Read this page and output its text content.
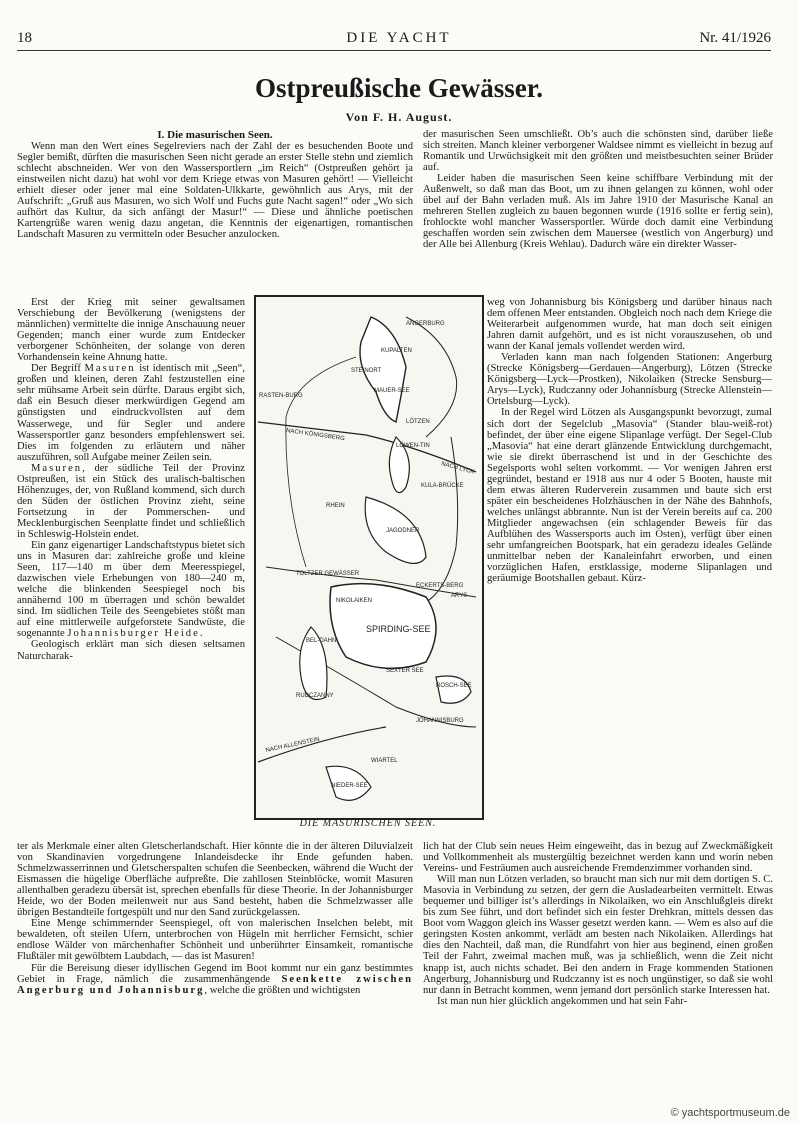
18	DIE YACHT	Nr. 41/1926
Ostpreußische Gewässer.
Von F. H. August.
I. Die masurischen Seen.

Wenn man den Wert eines Segelreviers nach der Zahl der es besuchenden Boote und Segler bemißt, dürften die masurischen Seen nicht gerade an erster Stelle stehn und ziemlich schlecht abschneiden. Wer von den Wassersportlern „im Reich“ (Ostpreußen gehört ja einstweilen nicht dazu) hat wohl vor dem Kriege etwas von Masuren gehört! — Vielleicht erhielt dieser oder jener mal eine Soldaten-Ulkkarte, gewöhnlich aus Arys, mit der Aufschrift: „Gruß aus Masuren, wo sich Wolf und Fuchs gute Nacht sagen!“ oder „Wo sich aufhört das Kultur, da sich anfängt der Masur!“ — Diese und ähnliche poetischen Kartengrüße waren wenig dazu angetan, die Kenntnis der eigenartigen, romantischen Landschaft Masuren zu vermitteln oder Besucher anzulocken.

der masurischen Seen umschließt. Ob’s auch die schönsten sind, darüber ließe sich streiten. Manch kleiner verborgener Waldsee nimmt es vielleicht in bezug auf Romantik und Urwüchsigkeit mit den größten und meistbesuchten seiner Brüder auf.

Leider haben die masurischen Seen keine schiffbare Verbindung mit der Außenwelt, so daß man das Boot, um zu ihnen gelangen zu können, wohl oder übel auf der Bahn verladen muß. Als im Jahre 1910 der Masurische Kanal an mehreren Stellen zugleich zu bauen begonnen wurde (1916 sollte er fertig sein), frohlockte wohl mancher Wassersportler. Würde doch damit eine Verbindung geschaffen worden sein zwischen dem Mauersee (westlich von Angerburg) und der Alle bei Allenburg (Kreis Wehlau). Dadurch wäre ein direkter Wasser-

Erst der Krieg mit seiner gewaltsamen Verschiebung der Bevölkerung (wenigstens der männlichen) vermittelte die innige Anschauung neuer Gegenden; manch einer wurde zum Entdecker verborgener Schönheiten, der solange von deren Vorhandensein keine Ahnung hatte.

Der Begriff Masuren ist identisch mit „Seen“, großen und kleinen, deren Zahl festzustellen eine sehr mühsame Arbeit sein dürfte. Daraus ergibt sich, daß ein Besuch dieser merkwürdigen Gegend am günstigsten und eindruckvollsten auf dem Wasserwege, und für Segler und andere Wassersportler ganz besonders empfehlenswert sei. Dies im folgenden zu erläutern und näher auszuführen, soll Aufgabe meiner Zeilen sein.

Masuren, der südliche Teil der Provinz Ostpreußen, ist ein Stück des uralisch-baltischen Höhenzuges, der, von Rußland kommend, sich durch den Süden der östlichen Provinz zieht, seine Fortsetzung in der Pommerschen- und Mecklenburgischen Seenplatte findet und schließlich in Schleswig-Holstein endet.

Ein ganz eigenartiger Landschaftstypus bietet sich uns in Masuren dar: zahlreiche große und kleine Seen, 117—140 m über dem Meeresspiegel, dazwischen viele Erhebungen von 180—240 m, welche die blinkenden Seespiegel noch bis annähernd 100 m überragen und schön bewaldet sind. Im südlichen Teile des Seengebietes stößt man auf eine mittlerweile aufgeforstete Sandwüste, die sogenannte Johannisburger Heide.

Geologisch erklärt man sich diesen seltsamen Naturcharak-

ANGERBURG
RASTEN-BURG
NACH KÖNIGSBERG
LÖTZEN
NACH LYCK
MAUER-SEE
STEINORT
KUPALTEN
LÖWEN-TIN
KULA-BRÜCKE
RHEIN
JAGODNER
TOLTZER GEWÄSSER
NIKOLAIKEN
ECKERTS-BERG
ARYS
SPIRDING-SEE
BEL-DAHN
SEXTER SEE
RUDCZANNY
ROSCH-SEE
JOHANNISBURG
NACH ALLENSTEIN
WIARTEL
NIEDER-SEE
DIE MASURISCHEN SEEN.

weg von Johannisburg bis Königsberg und darüber hinaus nach dem offenen Meer entstanden. Obgleich noch nach dem Kriege die Weiterarbeit aufgenommen wurde, hat man doch seit einigen Jahren damit aufgehört, und es ist nicht vorauszusehen, ob und wann der Kanal jemals vollendet werden wird.

Verladen kann man nach folgenden Stationen: Angerburg (Strecke Königsberg—Gerdauen—Angerburg), Lötzen (Strecke Königsberg—Lyck—Prostken), Nikolaiken (Strecke Sensburg—Arys—Lyck), Rudczanny oder Johannisburg (Strecke Allenstein—Ortelsburg—Lyck).

In der Regel wird Lötzen als Ausgangspunkt bevorzugt, zumal sich dort der Segelclub „Masovia“ (Stander blau-weiß-rot) befindet, der über eine eigene Slipanlage verfügt. Der Segel-Club „Masovia“ hat eine derart glänzende Entwicklung durchgemacht, wie sie direkt überraschend ist und in der Geschichte des Segelsports wohl selten vorkommt. — Vor wenigen Jahren erst gegründet, bestand er 1918 aus nur 4 oder 5 Booten, hauste mit dem etwas älteren Ruderverein zusammen und baute sich erst später ein bescheidenes Holzhäuschen in der Nähe des Bahnhofs, welches unlängst abbrannte. Nun ist der Verein bereits auf ca. 200 Mitglieder angewachsen (ein schlagender Beweis für das Aufblühen des Wassersports auch im Osten), verfügt über einen sehr umfangreichen Bootspark, hat ein geradezu ideales Gelände unmittelbar neben der Kanaleinfahrt erworben, und einen vorzüglichen Hafen, erstklassige, moderne Slipanlagen und geräumige Bootshallen gebaut. Kürz-

ter als Merkmale einer alten Gletscherlandschaft. Hier könnte die in der älteren Diluvialzeit von Skandinavien vorgedrungene Inlandeisdecke ihr Ende gefunden haben. Schmelzwasserrinnen und Gletscherspalten schufen die Seenbecken, während die Wucht der Eismassen die hügelige Oberfläche aufpreßte. Die zahllosen Steinblöcke, womit Masuren allenthalben geradezu übersät ist, sprechen ebenfalls für diese Theorie. In der Johannisburger Heide, wo der Boden meilenweit nur aus Sand besteht, haben die Schmelzwasser alle übrigen Bestandteile fortgespült und nur den Sand zurückgelassen.

Eine Menge schimmernder Seenspiegel, oft von malerischen Inselchen belebt, mit bewaldeten, oft steilen Ufern, unterbrochen von Hügeln mit herrlicher Fernsicht, schier endlose Wälder von märchenhafter Schönheit und unberührter Einsamkeit, romantische Flußtäler mit gewölbtem Laubdach, — das ist Masuren!

Für die Bereisung dieser idyllischen Gegend im Boot kommt nur ein ganz bestimmtes Gebiet in Frage, nämlich die zusammenhängende Seenkette zwischen Angerburg und Johannisburg, welche die größten und wichtigsten

lich hat der Club sein neues Heim eingeweiht, das in bezug auf Zweckmäßigkeit und Vollkommenheit als mustergültig bezeichnet werden kann und worin neben Vereins- und Festräumen auch ausreichende Fremdenzimmer vorhanden sind.

Will man nun Lötzen verladen, so braucht man sich nur mit dem dortigen S. C. Masovia in Verbindung zu setzen, der gern die Ausladearbeiten vermittelt. Etwas bequemer und billiger ist’s allerdings in Nikolaiken, wo ein Anschlußgleis direkt bis zum See führt, und dort befindet sich ein fester Drehkran, mittels dessen das Boot vom Waggon gleich ins Wasser gesetzt werden kann. — Wem es also auf die geringsten Kosten ankommt, verlädt am besten nach Nikolaiken. Allerdings hat dies den Nachteil, daß man, die Rundfahrt von hier aus beginend, einen großen Teil der Fahrt, zweimal machen muß, was ja schließlich, wenn die Zeit nicht knapp ist, auch nichts schadet. Bei den andern in Frage kommenden Stationen Angerburg, Johannisburg und Rudczanny ist es noch ungünstiger, so daß sie wohl nur dann in Betracht kommen, wenn jemand dort persönlich starke Interessen hat.

Ist man nun hier glücklich angekommen und hat sein Fahr-

© yachtsportmuseum.de
